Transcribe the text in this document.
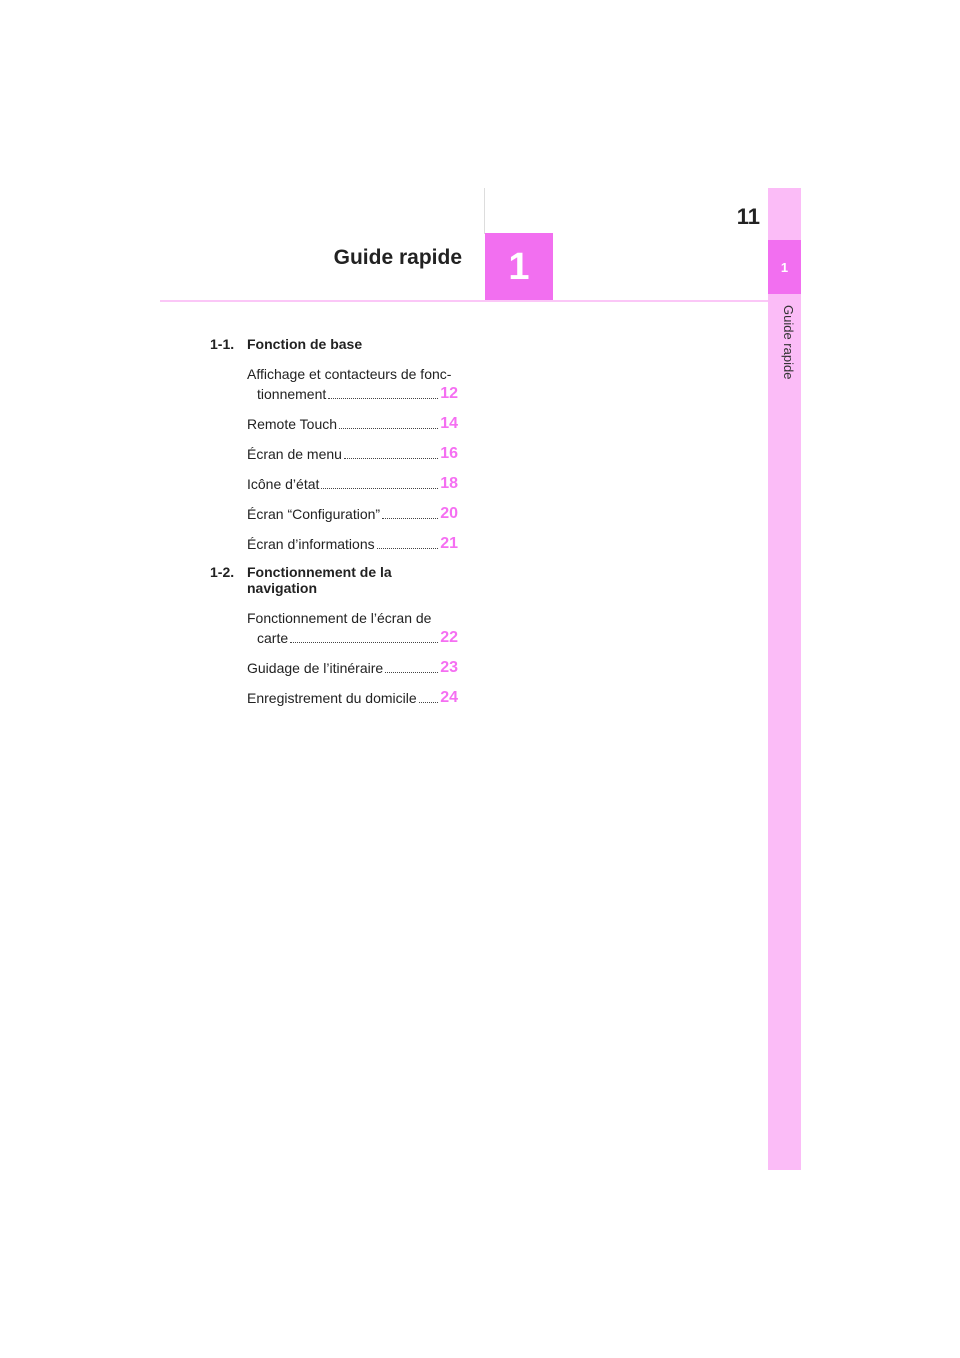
1
Guide rapide
11
Guide rapide	1
1-1. Fonction de base
Affichage et contacteurs de fonc-
tionnement	12
Remote Touch	14
Écran de menu	16
Icône d’état	18
Écran “Configuration”	20
Écran d’informations	21
1-2. Fonctionnement de la navigation
Fonctionnement de l’écran de
carte	22
Guidage de l’itinéraire	23
Enregistrement du domicile 24
